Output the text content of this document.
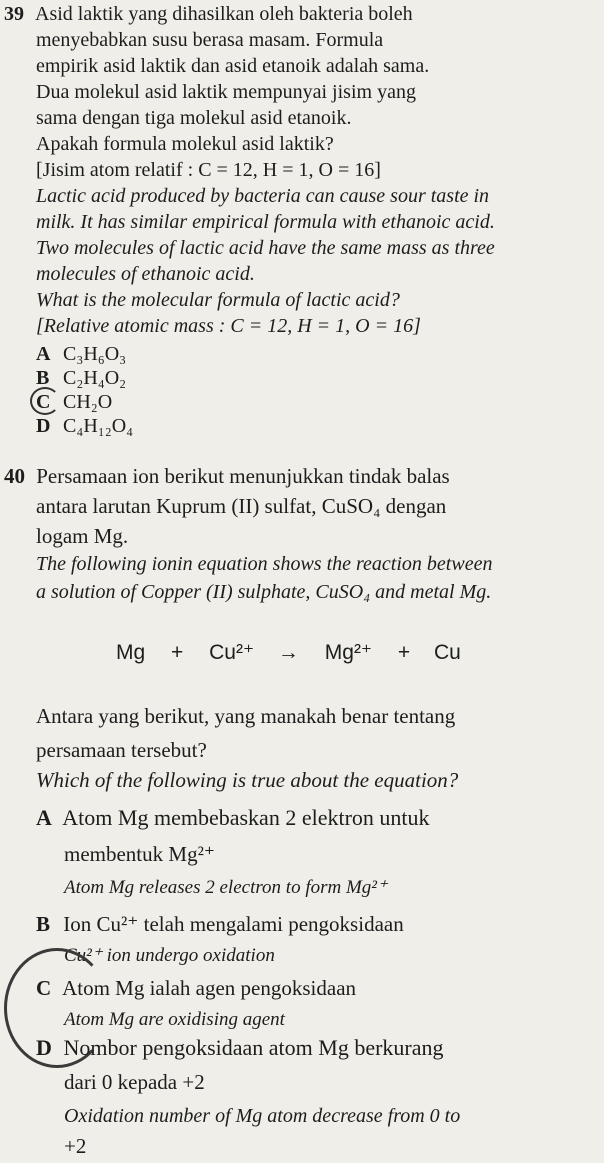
39 Asid laktik yang dihasilkan oleh bakteria boleh
menyebabkan susu berasa masam. Formula
empirik asid laktik dan asid etanoik adalah sama.
Dua molekul asid laktik mempunyai jisim yang
sama dengan tiga molekul asid etanoik.
Apakah formula molekul asid laktik?
[Jisim atom relatif : C = 12, H = 1, O = 16]
Lactic acid produced by bacteria can cause sour taste in
milk. It has similar empirical formula with ethanoic acid.
Two molecules of lactic acid have the same mass as three
molecules of ethanoic acid.
What is the molecular formula of lactic acid?
[Relative atomic mass : C = 12, H = 1, O = 16]
A C₃H₆O₃
B C₂H₄O₂
C CH₂O
D C₄H₁₂O₄
40 Persamaan ion berikut menunjukkan tindak balas
antara larutan Kuprum (II) sulfat, CuSO₄ dengan
logam Mg.
The following ionin equation shows the reaction between
a solution of Copper (II) sulphate, CuSO₄ and metal Mg.
Mg + Cu²⁺ → Mg²⁺ + Cu
Antara yang berikut, yang manakah benar tentang
persamaan tersebut?
Which of the following is true about the equation?
A Atom Mg membebaskan 2 elektron untuk
membentuk Mg²⁺
Atom Mg releases 2 electron to form Mg²⁺
B Ion Cu²⁺ telah mengalami pengoksidaan
Cu²⁺ ion undergo oxidation
C Atom Mg ialah agen pengoksidaan
Atom Mg are oxidising agent
D Nombor pengoksidaan atom Mg berkurang
dari 0 kepada +2
Oxidation number of Mg atom decrease from 0 to
+2
